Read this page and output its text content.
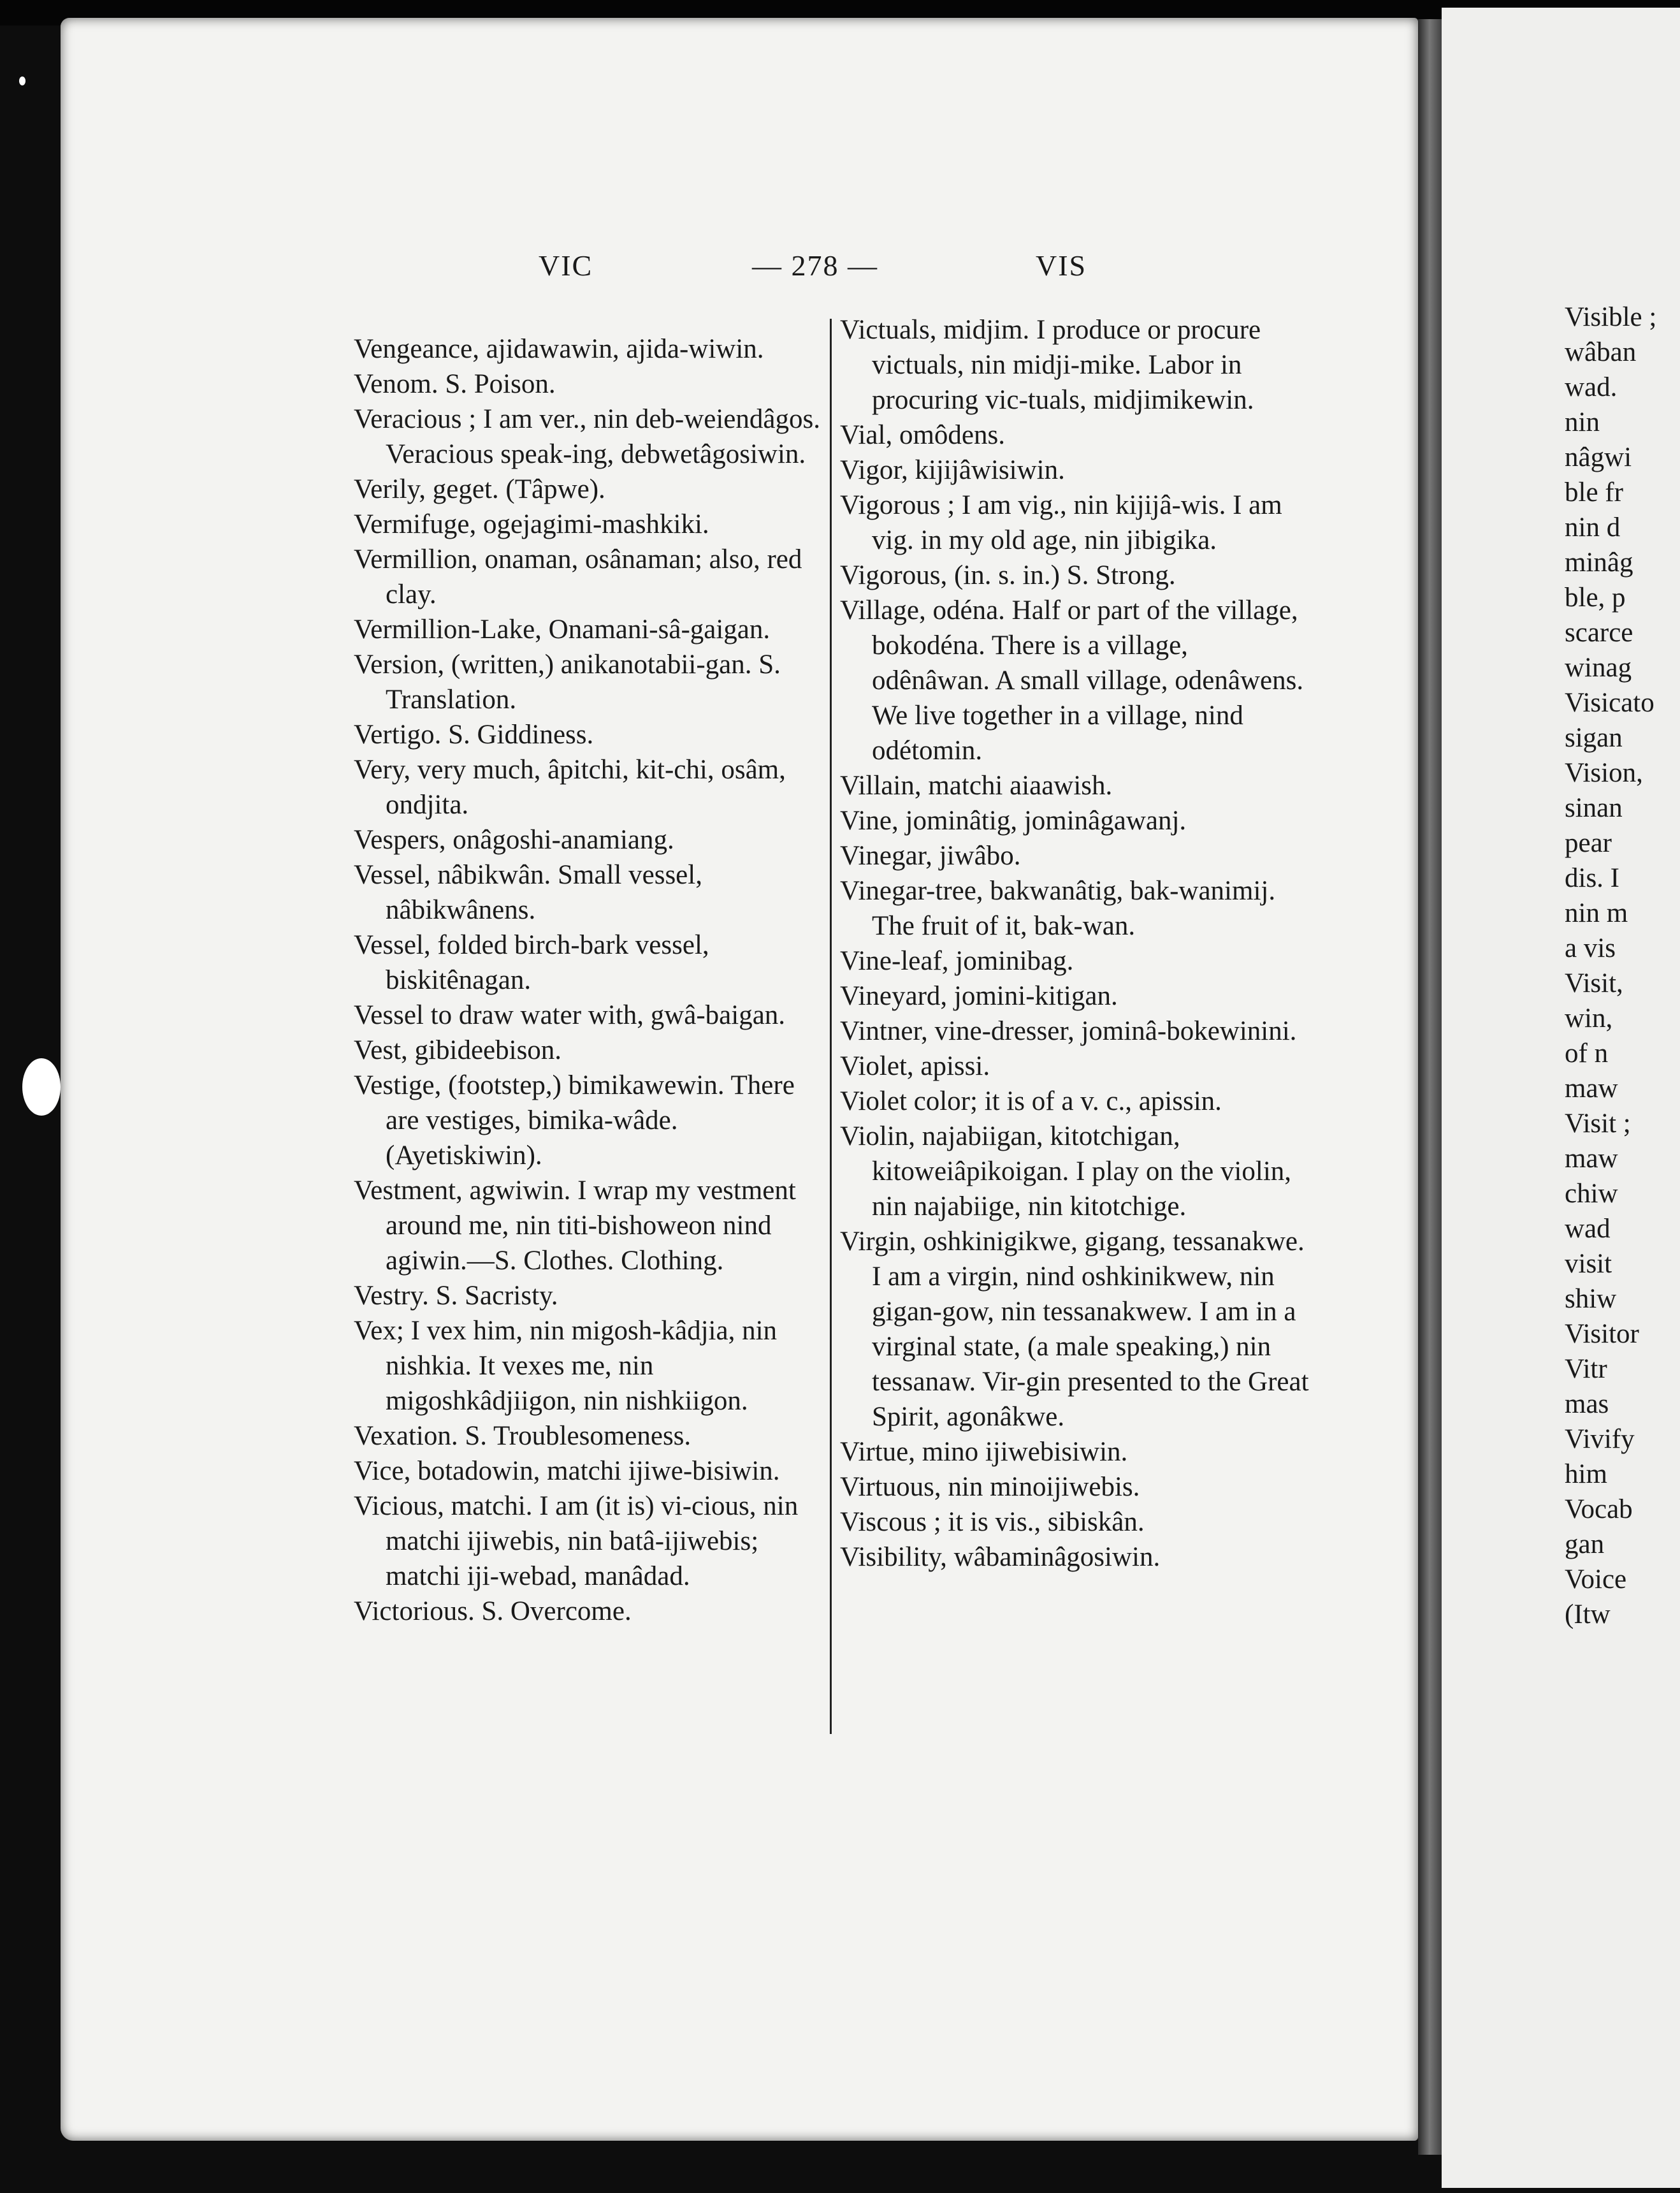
VIC	— 278 —	VIS
Vengeance, ajidawawin, ajida-wiwin.
Venom. S. Poison.
Veracious ; I am ver., nin deb-weiendâgos. Veracious speak-ing, debwetâgosiwin.
Verily, geget. (Tâpwe).
Vermifuge, ogejagimi-mashkiki.
Vermillion, onaman, osânaman; also, red clay.
Vermillion-Lake, Onamani-sâ-gaigan.
Version, (written,) anikanotabii-gan. S. Translation.
Vertigo. S. Giddiness.
Very, very much, âpitchi, kit-chi, osâm, ondjita.
Vespers, onâgoshi-anamiang.
Vessel, nâbikwân. Small vessel, nâbikwânens.
Vessel, folded birch-bark vessel, biskitênagan.
Vessel to draw water with, gwâ-baigan.
Vest, gibideebison.
Vestige, (footstep,) bimikawewin. There are vestiges, bimika-wâde. (Ayetiskiwin).
Vestment, agwiwin. I wrap my vestment around me, nin titi-bishoweon nind agiwin.—S. Clothes. Clothing.
Vestry. S. Sacristy.
Vex; I vex him, nin migosh-kâdjia, nin nishkia. It vexes me, nin migoshkâdjiigon, nin nishkiigon.
Vexation. S. Troublesomeness.
Vice, botadowin, matchi ijiwe-bisiwin.
Vicious, matchi. I am (it is) vi-cious, nin matchi ijiwebis, nin batâ-ijiwebis; matchi iji-webad, manâdad.
Victorious. S. Overcome.
Victuals, midjim. I produce or procure victuals, nin midji-mike. Labor in procuring vic-tuals, midjimikewin.
Vial, omôdens.
Vigor, kijijâwisiwin.
Vigorous ; I am vig., nin kijijâ-wis. I am vig. in my old age, nin jibigika.
Vigorous, (in. s. in.) S. Strong.
Village, odéna. Half or part of the village, bokodéna. There is a village, odênâwan. A small village, odenâwens. We live together in a village, nind odétomin.
Villain, matchi aiaawish.
Vine, jominâtig, jominâgawanj.
Vinegar, jiwâbo.
Vinegar-tree, bakwanâtig, bak-wanimij. The fruit of it, bak-wan.
Vine-leaf, jominibag.
Vineyard, jomini-kitigan.
Vintner, vine-dresser, jominâ-bokewinini.
Violet, apissi.
Violet color; it is of a v. c., apissin.
Violin, najabiigan, kitotchigan, kitoweiâpikoigan. I play on the violin, nin najabiige, nin kitotchige.
Virgin, oshkinigikwe, gigang, tessanakwe. I am a virgin, nind oshkinikwew, nin gigan-gow, nin tessanakwew. I am in a virginal state, (a male speaking,) nin tessanaw. Vir-gin presented to the Great Spirit, agonâkwe.
Virtue, mino ijiwebisiwin.
Virtuous, nin minoijiwebis.
Viscous ; it is vis., sibiskân.
Visibility, wâbaminâgosiwin.
Visible ;
wâban
wad.
nin
nâgwi
ble fr
nin d
minâg
ble, p
scarce
winag
Visicato
sigan
Vision,
sinan
pear
dis. I
nin m
a vis
Visit,
win,
of n
maw
Visit ;
maw
chiw
wad
visit
shiw
Visitor
Vitr
mas
Vivify
him
Vocab
gan
Voice
(Itw
